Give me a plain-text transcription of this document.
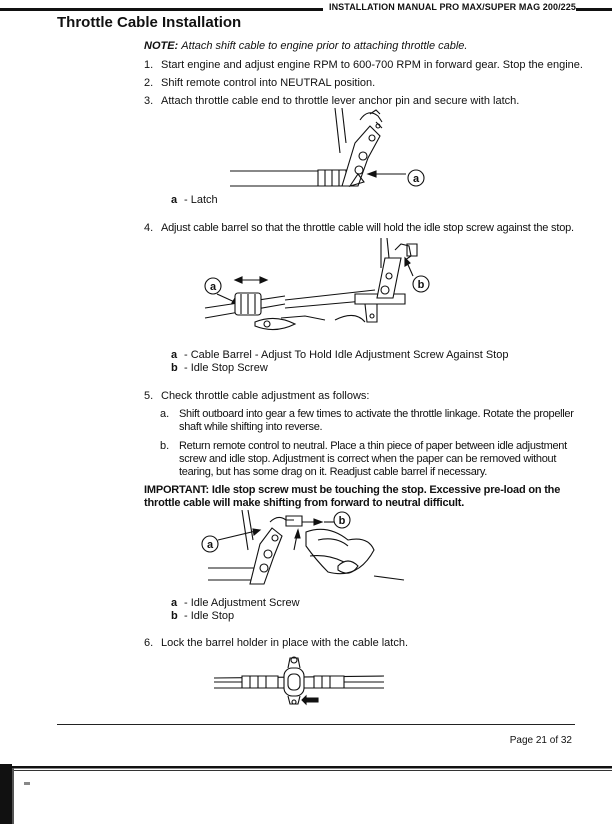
INSTALLATION MANUAL PRO MAX/SUPER MAG 200/225
Throttle Cable Installation
NOTE: Attach shift cable to engine prior to attaching throttle cable.
1. Start engine and adjust engine RPM to 600-700 RPM in forward gear. Stop the engine.
2. Shift remote control into NEUTRAL position.
3. Attach throttle cable end to throttle lever anchor pin and secure with latch.
a
a - Latch
4. Adjust cable barrel so that the throttle cable will hold the idle stop screw against the stop.
a	b
a - Cable Barrel - Adjust To Hold Idle Adjustment Screw Against Stop
b - Idle Stop Screw
5. Check throttle cable adjustment as follows:
a. Shift outboard into gear a few times to activate the throttle linkage. Rotate the propeller shaft while shifting into reverse.
b. Return remote control to neutral. Place a thin piece of paper between idle adjustment screw and idle stop. Adjustment is correct when the paper can be removed without tearing, but has some drag on it. Readjust cable barrel if necessary.
IMPORTANT: Idle stop screw must be touching the stop. Excessive pre-load on the throttle cable will make shifting from forward to neutral difficult.
a
b
a - Idle Adjustment Screw
b - Idle Stop
6. Lock the barrel holder in place with the cable latch.
Page 21 of 32
